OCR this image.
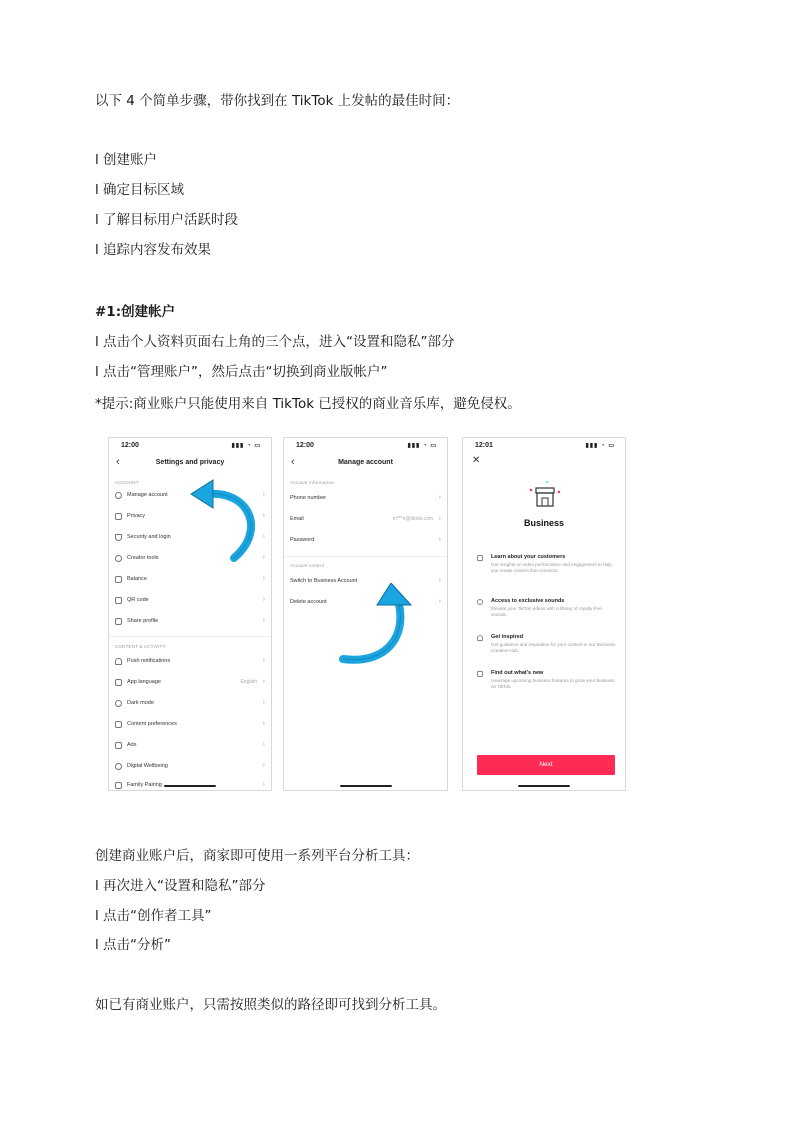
以下 4 个简单步骤，带你找到在 TikTok 上发帖的最佳时间：
l 创建账户
l 确定目标区域
l 了解目标用户活跃时段
l 追踪内容发布效果
#1:创建帐户
l 点击个人资料页面右上角的三个点，进入“设置和隐私”部分
l 点击“管理账户”，然后点击“切换到商业版帐户”
*提示:商业账户只能使用来自 TikTok 已授权的商业音乐库，避免侵权。
12:00	▮▮▮ ◔ ▭
‹	Settings and privacy
ACCOUNT
Manage account	›
Privacy	›
Security and login	›
Creator tools	›
Balance	›
QR code	›
Share profile	›
CONTENT & ACTIVITY
Push notifications	›
App language	English ›
Dark mode	›
Content preferences	›
Ads	›
Digital Wellbeing	›
Family Pairing	›
12:00	▮▮▮ ◔ ▭
‹	Manage account
Account information
Phone number	›
Email	m***n@tiktok.com ›
Password	›
Account control
Switch to Business Account	›
Delete account	›
12:01	▮▮▮ ◔ ▭
✕
Business
Learn about your customers
Get insights on video performance and engagement to help you create content that connects.
Access to exclusive sounds
Elevate your TikTok videos with a library of royalty-free sounds.
Get inspired
Get guidance and inspiration for your content in our Business Creative Hub.
Find out what's new
Leverage upcoming business features to grow your business on TikTok.
Next
创建商业账户后，商家即可使用一系列平台分析工具：
l 再次进入“设置和隐私”部分
l 点击“创作者工具”
l 点击“分析”
如已有商业账户，只需按照类似的路径即可找到分析工具。
